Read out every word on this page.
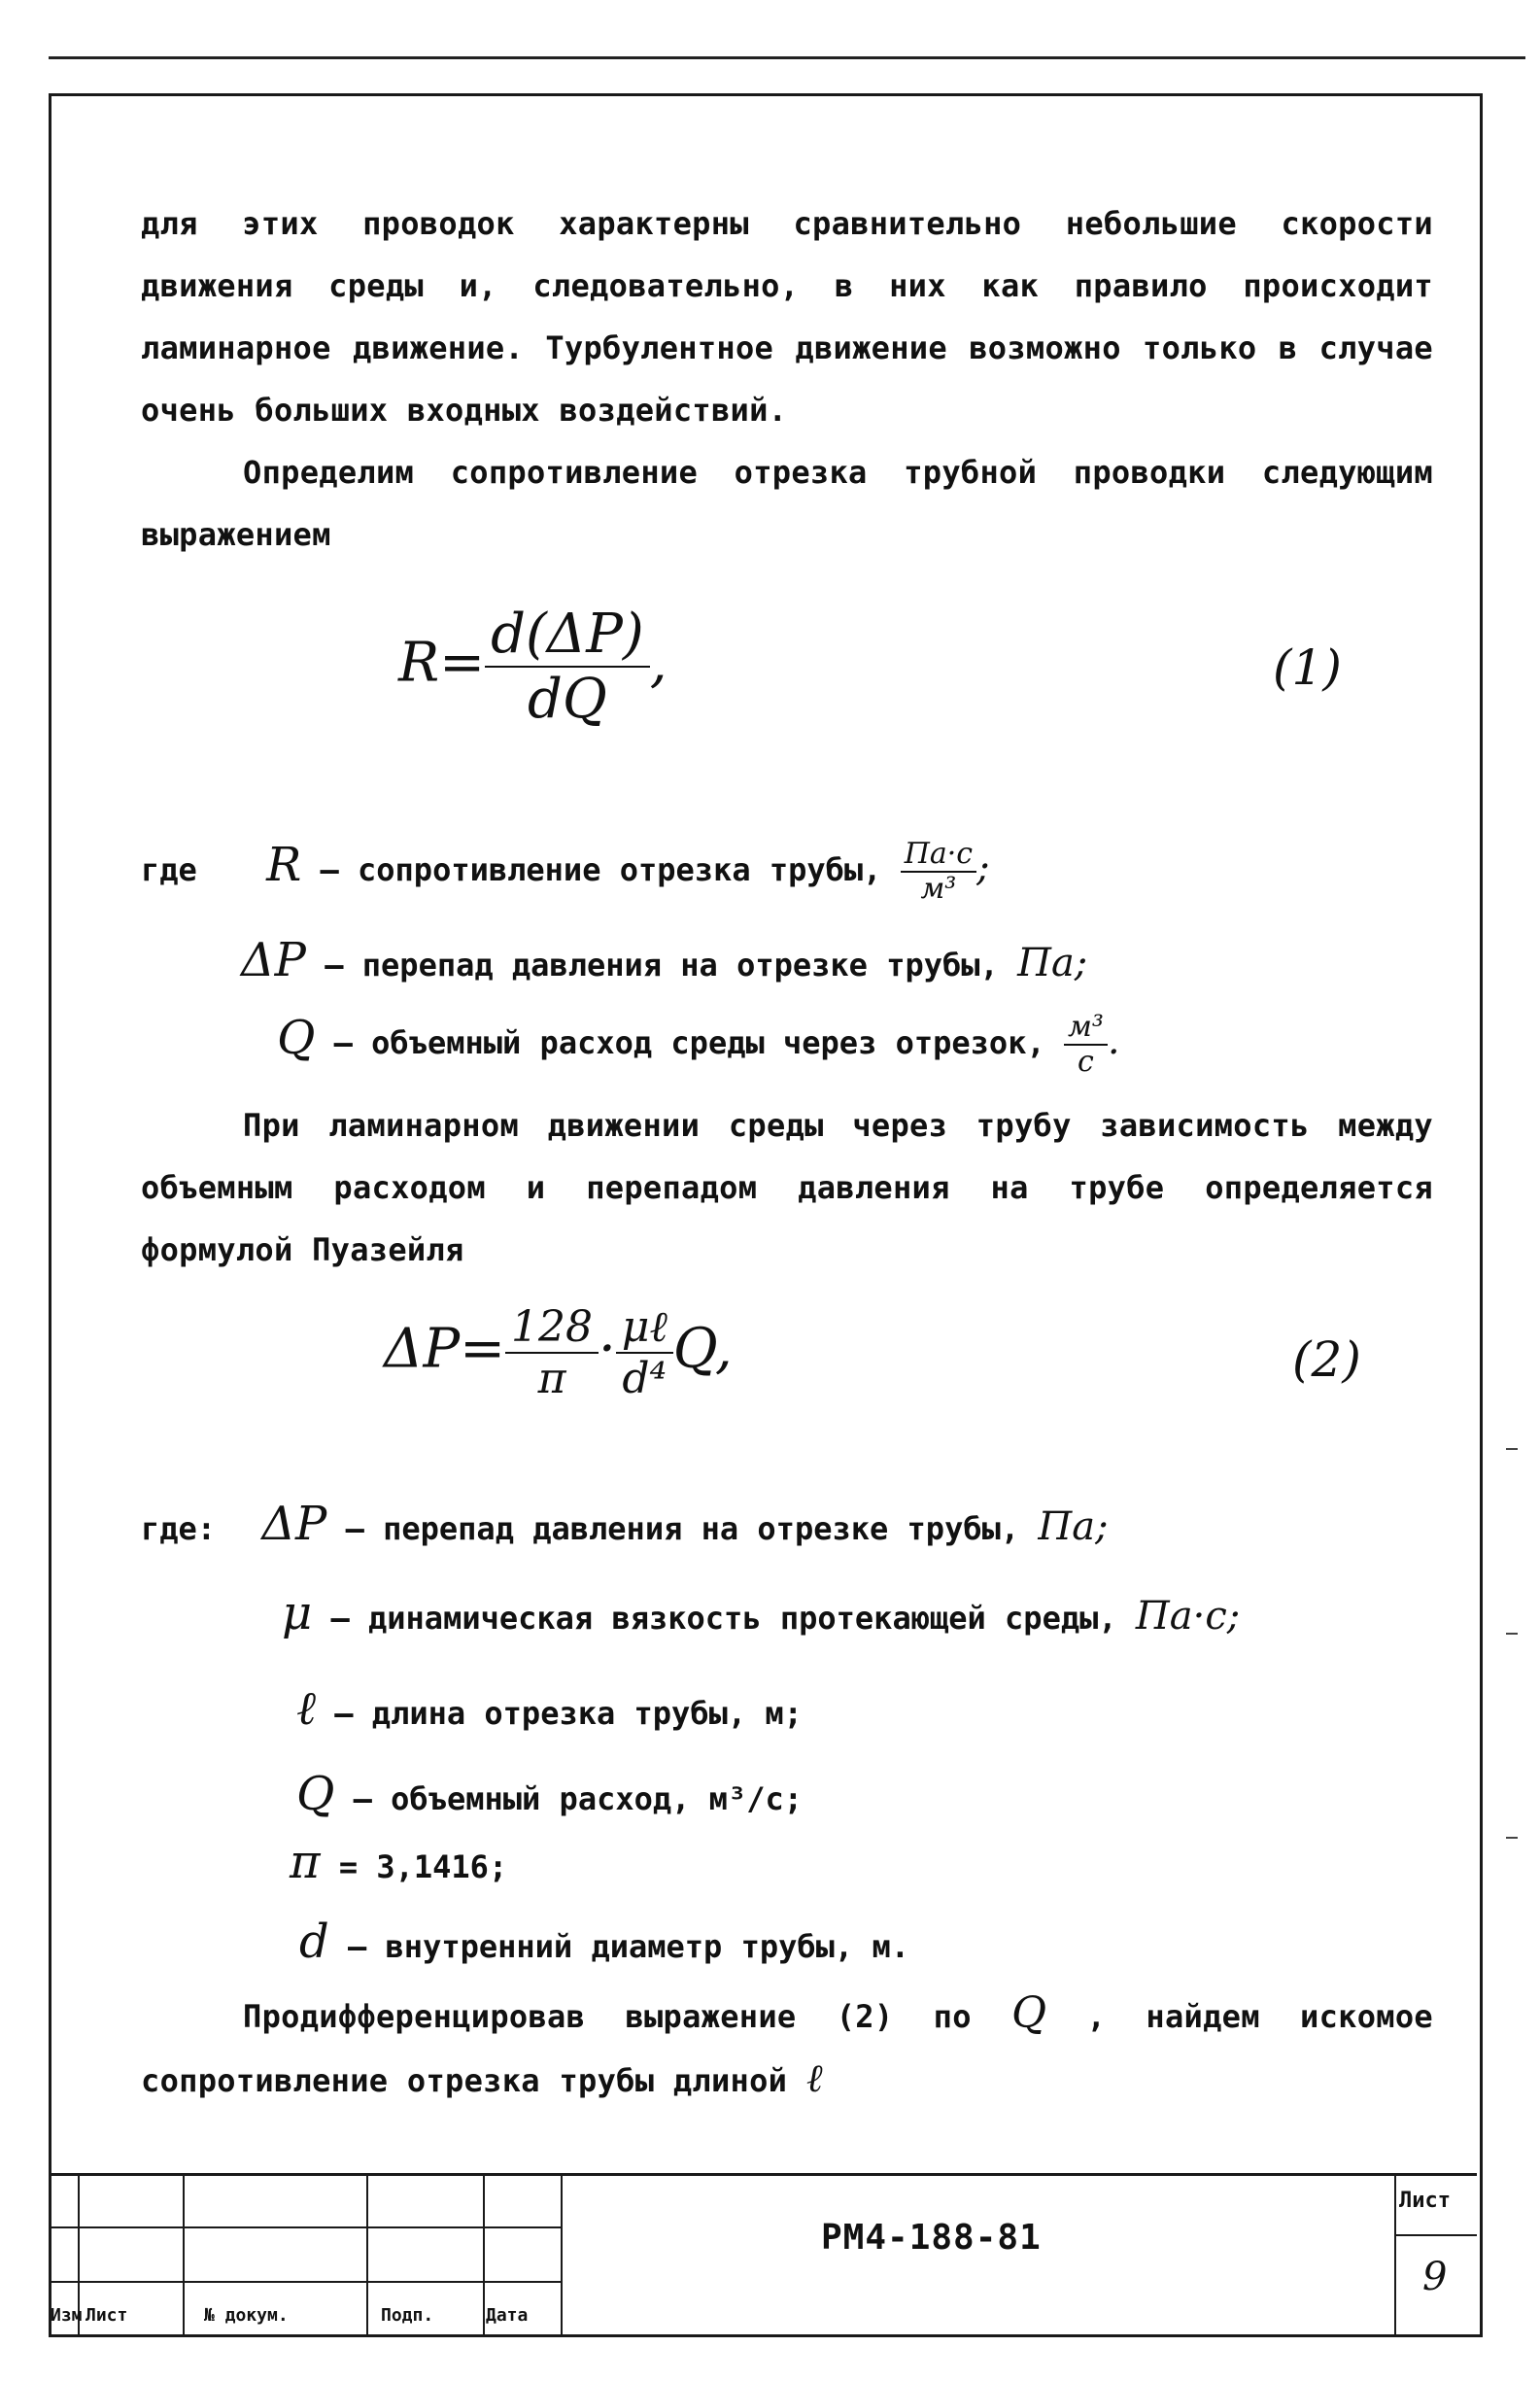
для этих проводок характерны сравнительно небольшие скорости движения среды и, следовательно, в них как правило происходит ламинарное движение. Турбулентное движение возможно только в случае очень больших входных воздействий.
Определим сопротивление отрезка трубной проводки следующим выражением
$R= \frac{d(\Delta P)}{dQ}$ ,	(1)
где R – сопротивление отрезка трубы, $\frac{Па\cdot с}{\text{м³}}$ ;
ΔP – перепад давления на отрезке трубы, Па;
Q – объемный расход среды через отрезок, $\frac{\text{м³}}{с}$ .
При ламинарном движении среды через трубу зависимость между объемным расходом и перепадом давления на трубе определяется формулой Пуазейля
$\Delta P= \frac{128}{\pi} \cdot \frac{\text{μℓ}}{\text{d⁴}} Q$,	(2)
где: ΔP – перепад давления на отрезке трубы, Па;
μ – динамическая вязкость протекающей среды, Па·с;
ℓ – длина отрезка трубы, м;
Q – объемный расход, м³/с;
π = 3,1416;
d – внутренний диаметр трубы, м.
Продифференцировав выражение (2) по Q , найдем искомое сопротивление отрезка трубы длиной ℓ
Изм Лист	№ докум.	Подп.	Дата
РМ4-188-81
Лист
9
